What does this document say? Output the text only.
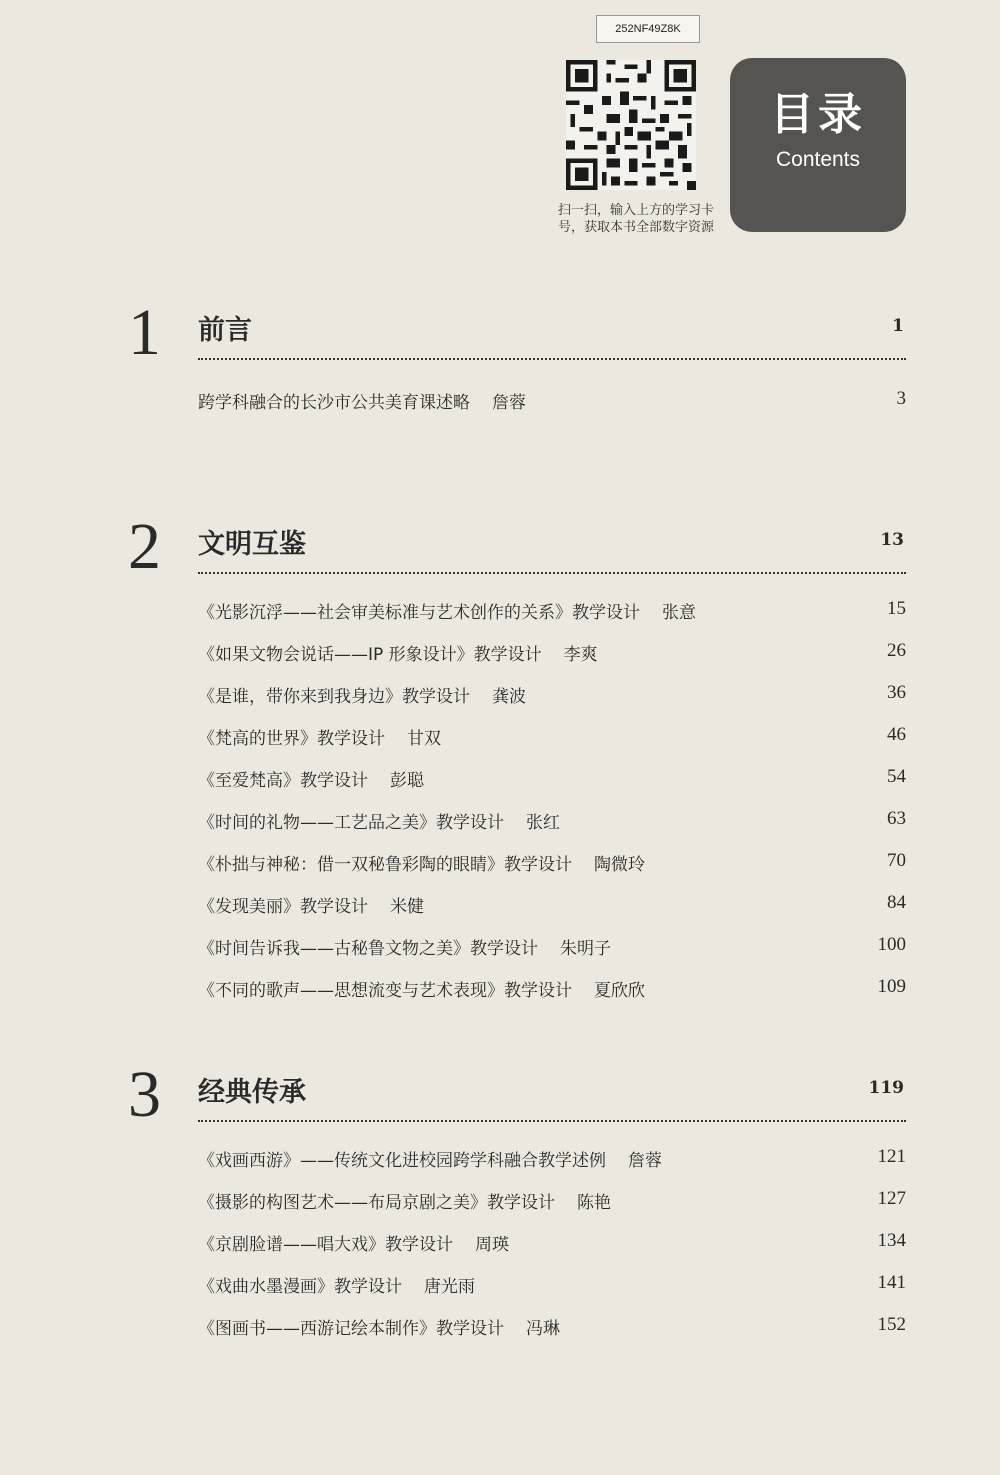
252NF49Z8K
扫一扫，输入上方的学习卡号，获取本书全部数字资源
目录
Contents
1 前言	1
跨学科融合的长沙市公共美育课述略 詹蓉	3
2 文明互鉴	13
《光影沉浮——社会审美标准与艺术创作的关系》教学设计 张意	15
《如果文物会说话——IP 形象设计》教学设计 李爽	26
《是谁，带你来到我身边》教学设计 龚波	36
《梵高的世界》教学设计 甘双	46
《至爱梵高》教学设计 彭聪	54
《时间的礼物——工艺品之美》教学设计 张红	63
《朴拙与神秘：借一双秘鲁彩陶的眼睛》教学设计 陶微玲	70
《发现美丽》教学设计 米健	84
《时间告诉我——古秘鲁文物之美》教学设计 朱明子	100
《不同的歌声——思想流变与艺术表现》教学设计 夏欣欣	109
3 经典传承	119
《戏画西游》——传统文化进校园跨学科融合教学述例 詹蓉	121
《摄影的构图艺术——布局京剧之美》教学设计 陈艳	127
《京剧脸谱——唱大戏》教学设计 周瑛	134
《戏曲水墨漫画》教学设计 唐光雨	141
《图画书——西游记绘本制作》教学设计 冯琳	152
